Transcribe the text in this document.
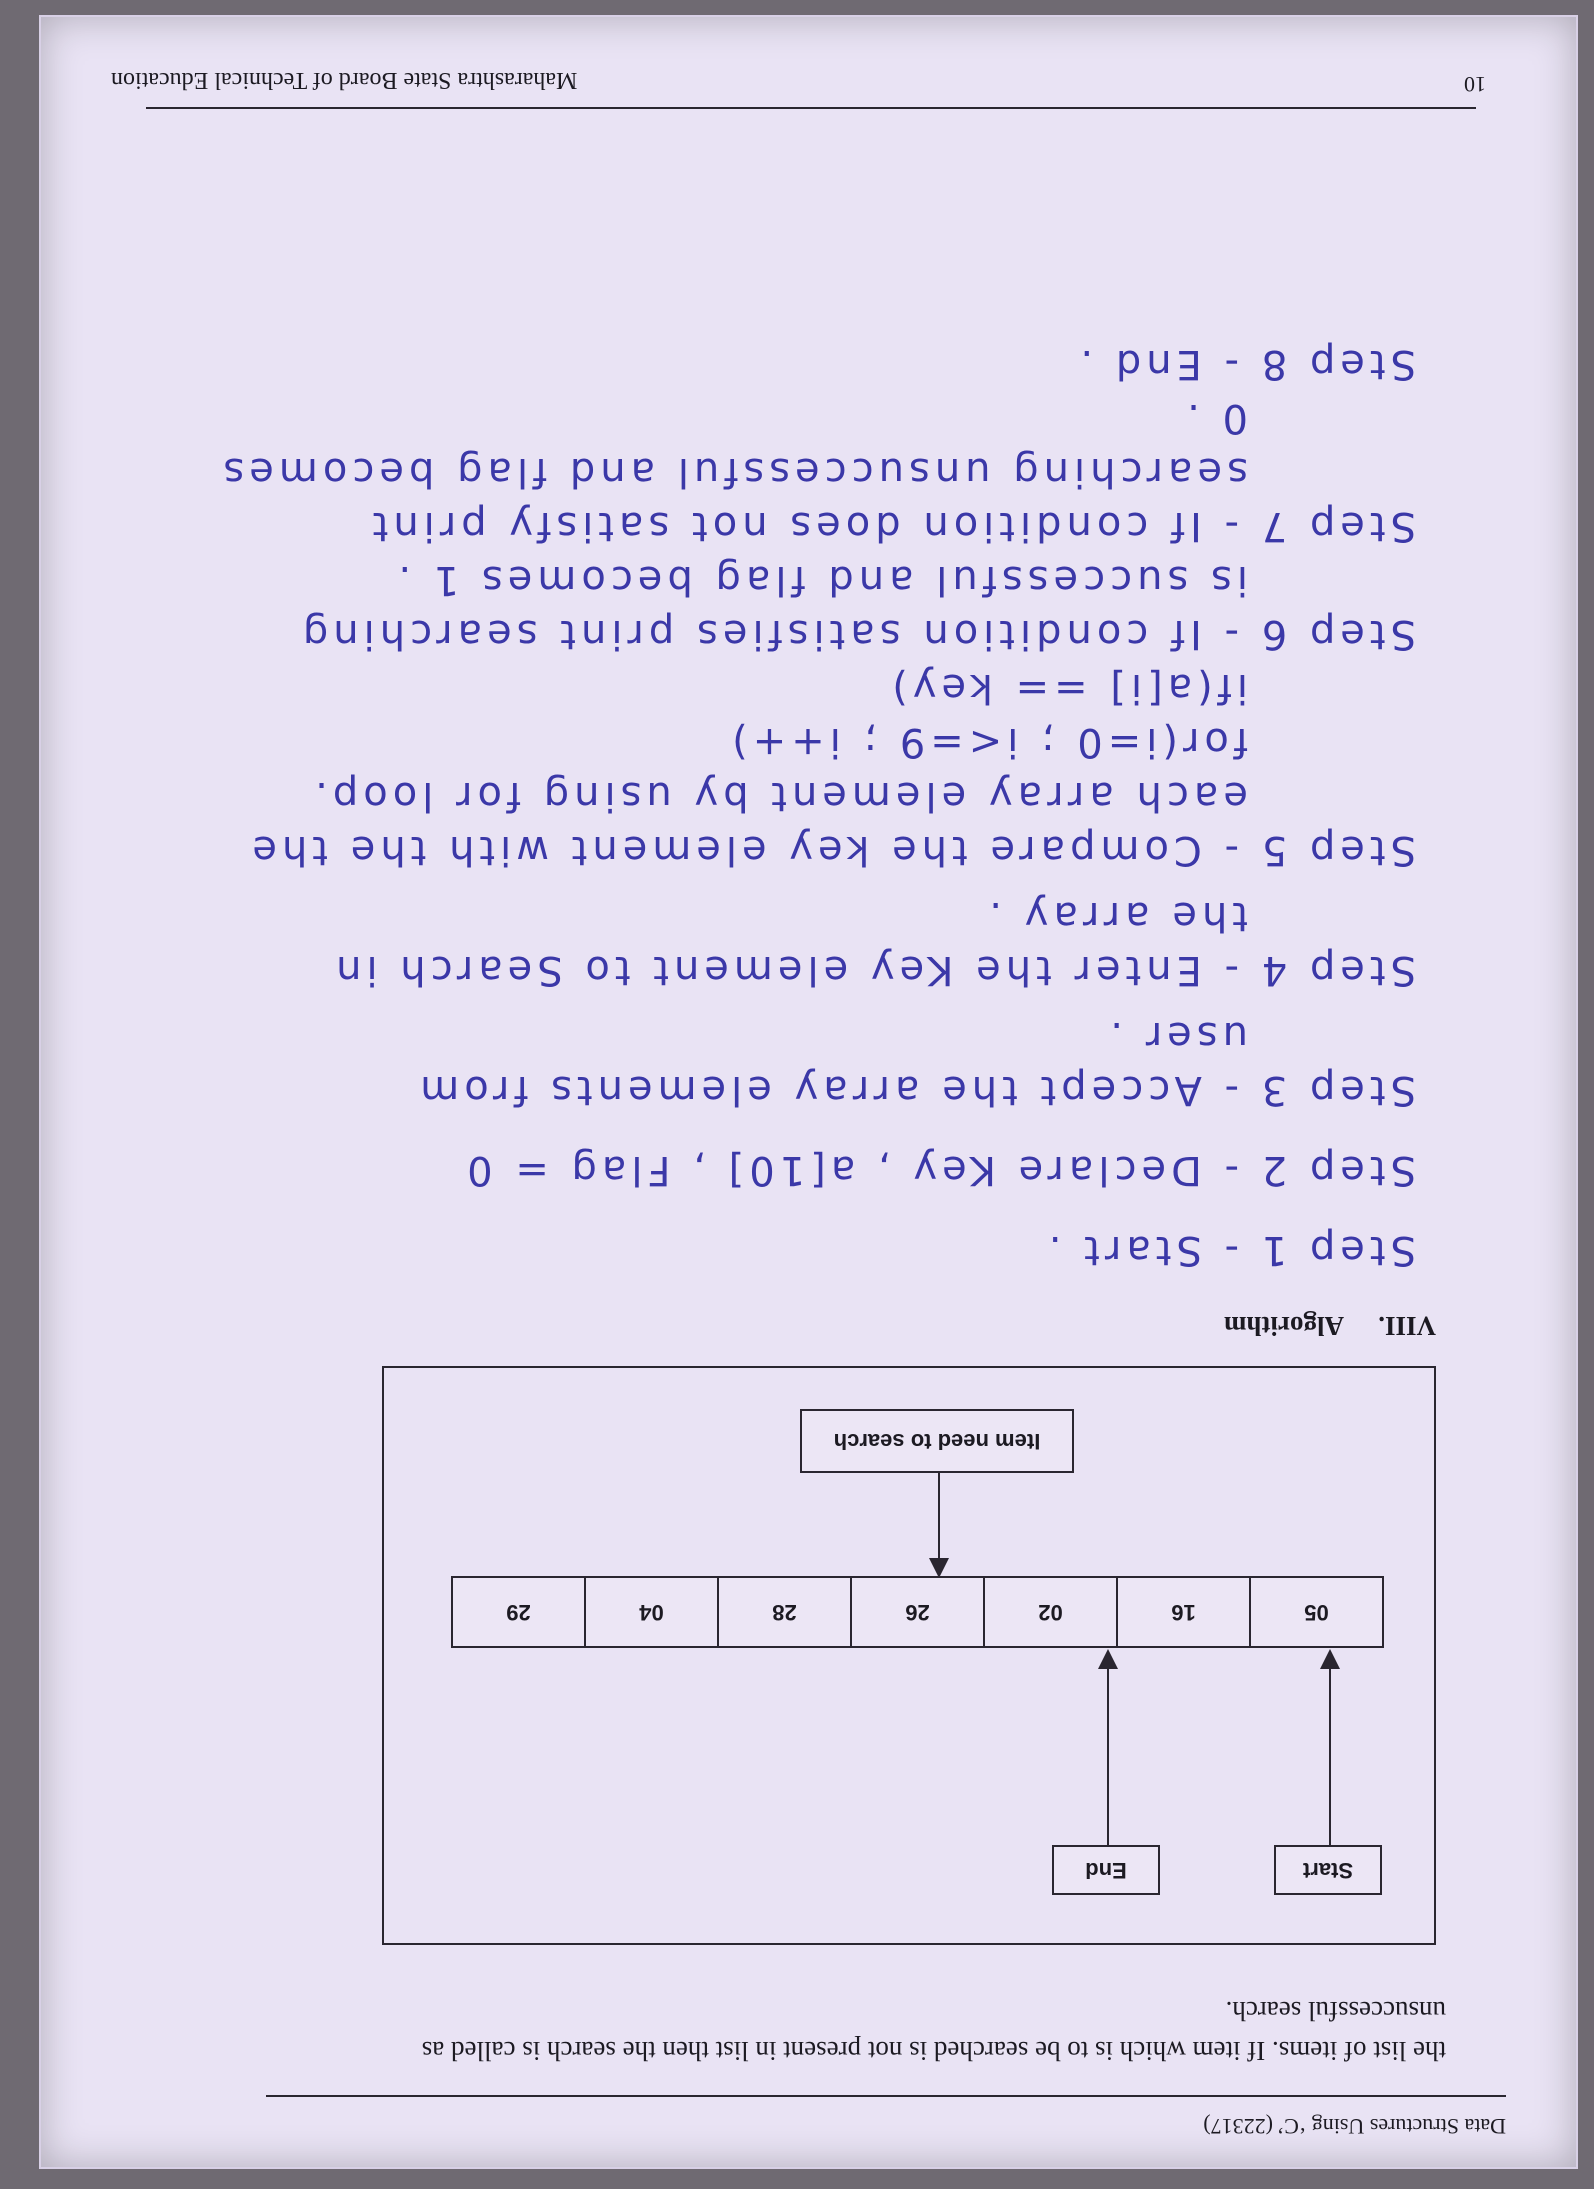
Data Structures Using ‘C’ (22317)
the list of items. If item which is to be searched is not present in list then the search is called as unsuccessful search.
Start
End
05
16
02
26
28
04
29
Item need to search
VIII.Algorithm

Step 1 - Start .

Step 2 - Declare Key , a[10] , Flag = 0

Step 3 - Accept the array elements from

user .

Step 4 - Enter the Key element to Search in

the array .

Step 5 - Compare the key element with the the

each array element by using for loop.

for(i=0 ; i<=9 ; i++)

if(a[i] == key)

Step 6 - If condition satisfies print searching

is successful and flag becomes 1 .

Step 7 - If condition does not satisfy print

searching unsuccessful and flag becomes

0 .

Step 8 - End .

10
Maharashtra State Board of Technical Education
